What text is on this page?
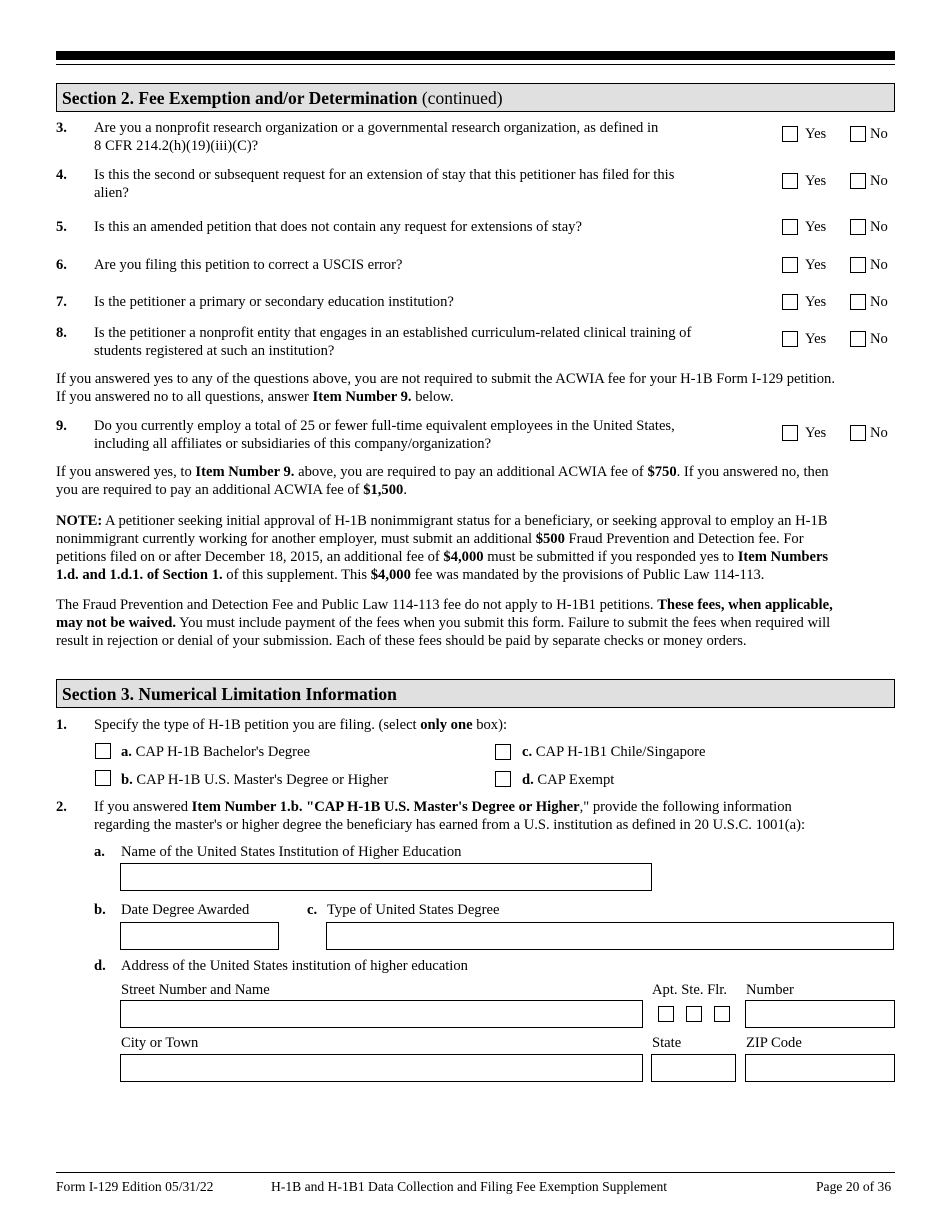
Section 2. Fee Exemption and/or Determination (continued)
3. Are you a nonprofit research organization or a governmental research organization, as defined in
8 CFR 214.2(h)(19)(iii)(C)?
Yes	No
4. Is this the second or subsequent request for an extension of stay that this petitioner has filed for this
alien?
Yes	No
5. Is this an amended petition that does not contain any request for extensions of stay?	Yes	No
6. Are you filing this petition to correct a USCIS error?	Yes	No
7. Is the petitioner a primary or secondary education institution?	Yes	No
8. Is the petitioner a nonprofit entity that engages in an established curriculum-related clinical training of
students registered at such an institution?
Yes	No
If you answered yes to any of the questions above, you are not required to submit the ACWIA fee for your H-1B Form I-129 petition.
If you answered no to all questions, answer Item Number 9. below.
9. Do you currently employ a total of 25 or fewer full-time equivalent employees in the United States,
including all affiliates or subsidiaries of this company/organization?
Yes	No
If you answered yes, to Item Number 9. above, you are required to pay an additional ACWIA fee of $750. If you answered no, then
you are required to pay an additional ACWIA fee of $1,500.
NOTE: A petitioner seeking initial approval of H-1B nonimmigrant status for a beneficiary, or seeking approval to employ an H-1B
nonimmigrant currently working for another employer, must submit an additional $500 Fraud Prevention and Detection fee. For
petitions filed on or after December 18, 2015, an additional fee of $4,000 must be submitted if you responded yes to Item Numbers
1.d. and 1.d.1. of Section 1. of this supplement. This $4,000 fee was mandated by the provisions of Public Law 114-113.
The Fraud Prevention and Detection Fee and Public Law 114-113 fee do not apply to H-1B1 petitions. These fees, when applicable,
may not be waived. You must include payment of the fees when you submit this form. Failure to submit the fees when required will
result in rejection or denial of your submission. Each of these fees should be paid by separate checks or money orders.
Section 3. Numerical Limitation Information
1. Specify the type of H-1B petition you are filing. (select only one box):
a. CAP H-1B Bachelor's Degree	c. CAP H-1B1 Chile/Singapore
b. CAP H-1B U.S. Master's Degree or Higher	d. CAP Exempt
2. If you answered Item Number 1.b. "CAP H-1B U.S. Master's Degree or Higher," provide the following information
regarding the master's or higher degree the beneficiary has earned from a U.S. institution as defined in 20 U.S.C. 1001(a):
a. Name of the United States Institution of Higher Education
b. Date Degree Awarded	c. Type of United States Degree
d. Address of the United States institution of higher education
Street Number and Name	Apt. Ste. Flr. Number
City or Town	State	ZIP Code
Form I-129 Edition 05/31/22	H-1B and H-1B1 Data Collection and Filing Fee Exemption Supplement	Page 20 of 36
